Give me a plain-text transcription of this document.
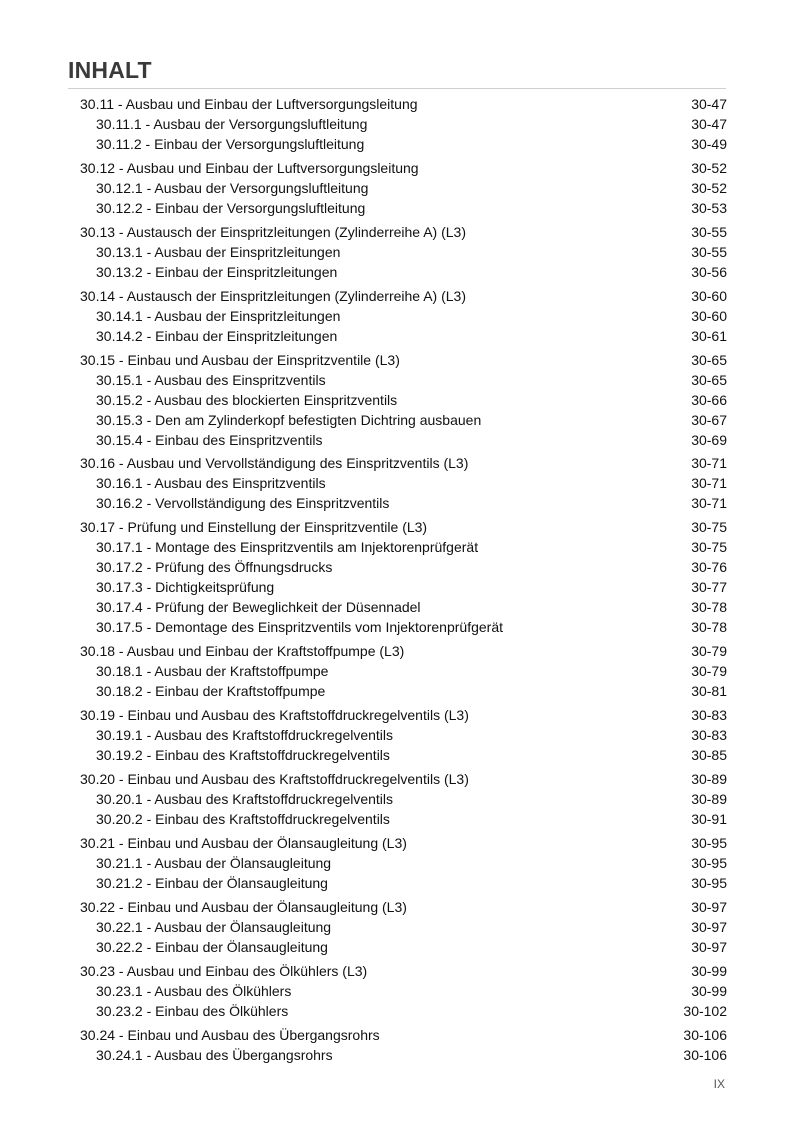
INHALT
30.11 - Ausbau und Einbau der Luftversorgungsleitung	30-47
30.11.1 - Ausbau der Versorgungsluftleitung	30-47
30.11.2 - Einbau der Versorgungsluftleitung	30-49
30.12 - Ausbau und Einbau der Luftversorgungsleitung	30-52
30.12.1 - Ausbau der Versorgungsluftleitung	30-52
30.12.2 - Einbau der Versorgungsluftleitung	30-53
30.13 - Austausch der Einspritzleitungen (Zylinderreihe A) (L3)	30-55
30.13.1 - Ausbau der Einspritzleitungen	30-55
30.13.2 - Einbau der Einspritzleitungen	30-56
30.14 - Austausch der Einspritzleitungen (Zylinderreihe A) (L3)	30-60
30.14.1 - Ausbau der Einspritzleitungen	30-60
30.14.2 - Einbau der Einspritzleitungen	30-61
30.15 - Einbau und Ausbau der Einspritzventile (L3)	30-65
30.15.1 - Ausbau des Einspritzventils	30-65
30.15.2 - Ausbau des blockierten Einspritzventils	30-66
30.15.3 - Den am Zylinderkopf befestigten Dichtring ausbauen	30-67
30.15.4 - Einbau des Einspritzventils	30-69
30.16 - Ausbau und Vervollständigung des Einspritzventils (L3)	30-71
30.16.1 - Ausbau des Einspritzventils	30-71
30.16.2 - Vervollständigung des Einspritzventils	30-71
30.17 - Prüfung und Einstellung der Einspritzventile (L3)	30-75
30.17.1 - Montage des Einspritzventils am Injektorenprüfgerät	30-75
30.17.2 - Prüfung des Öffnungsdrucks	30-76
30.17.3 - Dichtigkeitsprüfung	30-77
30.17.4 - Prüfung der Beweglichkeit der Düsennadel	30-78
30.17.5 - Demontage des Einspritzventils vom Injektorenprüfgerät	30-78
30.18 - Ausbau und Einbau der Kraftstoffpumpe (L3)	30-79
30.18.1 - Ausbau der Kraftstoffpumpe	30-79
30.18.2 - Einbau der Kraftstoffpumpe	30-81
30.19 - Einbau und Ausbau des Kraftstoffdruckregelventils (L3)	30-83
30.19.1 - Ausbau des Kraftstoffdruckregelventils	30-83
30.19.2 - Einbau des Kraftstoffdruckregelventils	30-85
30.20 - Einbau und Ausbau des Kraftstoffdruckregelventils (L3)	30-89
30.20.1 - Ausbau des Kraftstoffdruckregelventils	30-89
30.20.2 - Einbau des Kraftstoffdruckregelventils	30-91
30.21 - Einbau und Ausbau der Ölansaugleitung (L3)	30-95
30.21.1 - Ausbau der Ölansaugleitung	30-95
30.21.2 - Einbau der Ölansaugleitung	30-95
30.22 - Einbau und Ausbau der Ölansaugleitung (L3)	30-97
30.22.1 - Ausbau der Ölansaugleitung	30-97
30.22.2 - Einbau der Ölansaugleitung	30-97
30.23 - Ausbau und Einbau des Ölkühlers (L3)	30-99
30.23.1 - Ausbau des Ölkühlers	30-99
30.23.2 - Einbau des Ölkühlers	30-102
30.24 - Einbau und Ausbau des Übergangsrohrs	30-106
30.24.1 - Ausbau des Übergangsrohrs	30-106
IX
